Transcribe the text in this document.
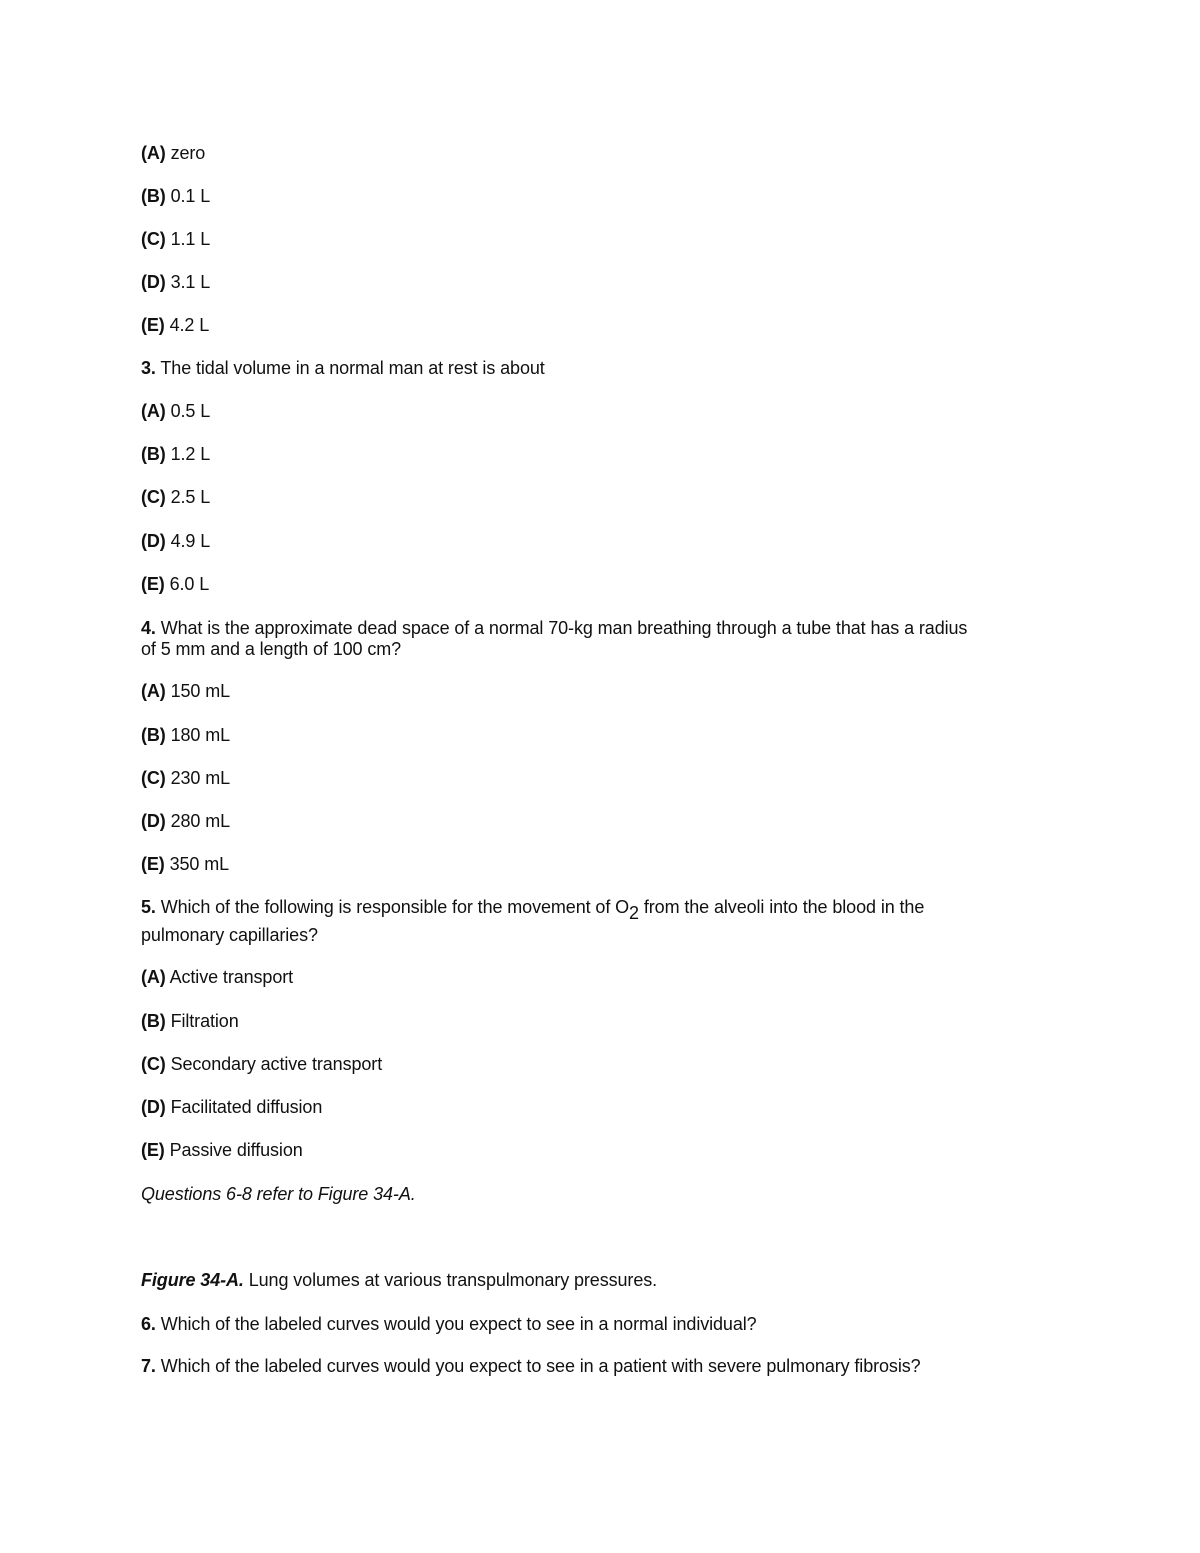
(A) zero
(B) 0.1 L
(C) 1.1 L
(D) 3.1 L
(E) 4.2 L
3. The tidal volume in a normal man at rest is about
(A) 0.5 L
(B) 1.2 L
(C) 2.5 L
(D) 4.9 L
(E) 6.0 L
4. What is the approximate dead space of a normal 70-kg man breathing through a tube that has a radius
of 5 mm and a length of 100 cm?
(A) 150 mL
(B) 180 mL
(C) 230 mL
(D) 280 mL
(E) 350 mL
5. Which of the following is responsible for the movement of $O_2$ from the alveoli into the blood in the
pulmonary capillaries?
(A) Active transport
(B) Filtration
(C) Secondary active transport
(D) Facilitated diffusion
(E) Passive diffusion
Questions 6-8 refer to Figure 34-A.
Figure 34-A. Lung volumes at various transpulmonary pressures.
6. Which of the labeled curves would you expect to see in a normal individual?
7. Which of the labeled curves would you expect to see in a patient with severe pulmonary fibrosis?
